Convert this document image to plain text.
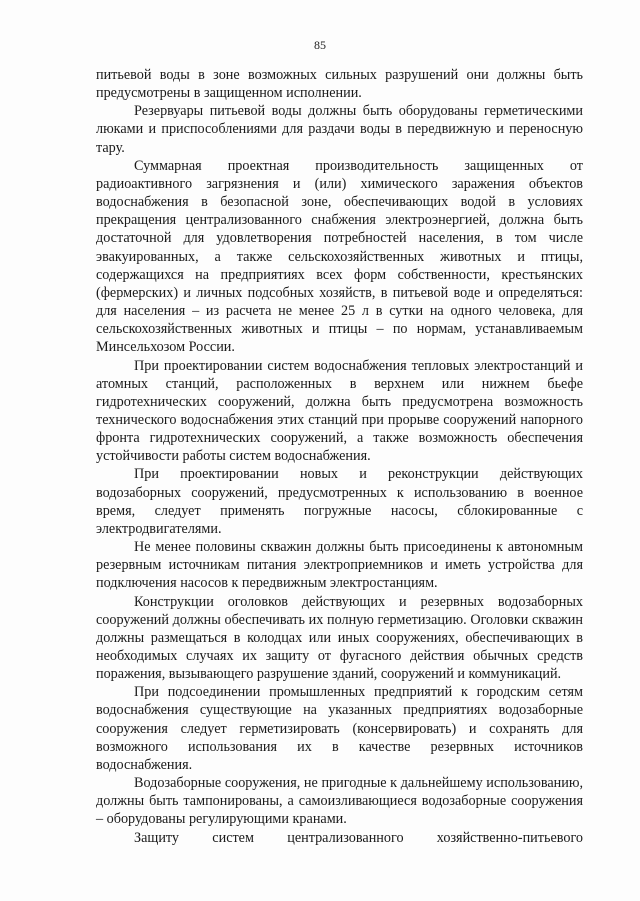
85

питьевой воды в зоне возможных сильных разрушений они должны быть предусмотрены в защищенном исполнении.

Резервуары питьевой воды должны быть оборудованы герметическими люками и приспособлениями для раздачи воды в передвижную и переносную тару.

Суммарная проектная производительность защищенных от радиоактивного загрязнения и (или) химического заражения объектов водоснабжения в безопасной зоне, обеспечивающих водой в условиях прекращения централизованного снабжения электроэнергией, должна быть достаточной для удовлетворения потребностей населения, в том числе эвакуированных, а также сельскохозяйственных животных и птицы, содержащихся на предприятиях всех форм собственности, крестьянских (фермерских) и личных подсобных хозяйств, в питьевой воде и определяться: для населения – из расчета не менее 25 л в сутки на одного человека, для сельскохозяйственных животных и птицы – по нормам, устанавливаемым Минсельхозом России.

При проектировании систем водоснабжения тепловых электростанций и атомных станций, расположенных в верхнем или нижнем бьефе гидротехнических сооружений, должна быть предусмотрена возможность технического водоснабжения этих станций при прорыве сооружений напорного фронта гидротехнических сооружений, а также возможность обеспечения устойчивости работы систем водоснабжения.

При проектировании новых и реконструкции действующих водозаборных сооружений, предусмотренных к использованию в военное время, следует применять погружные насосы, сблокированные с электродвигателями.

Не менее половины скважин должны быть присоединены к автономным резервным источникам питания электроприемников и иметь устройства для подключения насосов к передвижным электростанциям.

Конструкции оголовков действующих и резервных водозаборных сооружений должны обеспечивать их полную герметизацию. Оголовки скважин должны размещаться в колодцах или иных сооружениях, обеспечивающих в необходимых случаях их защиту от фугасного действия обычных средств поражения, вызывающего разрушение зданий, сооружений и коммуникаций.

При подсоединении промышленных предприятий к городским сетям водоснабжения существующие на указанных предприятиях водозаборные сооружения следует герметизировать (консервировать) и сохранять для возможного использования их в качестве резервных источников водоснабжения.

Водозаборные сооружения, не пригодные к дальнейшему использованию, должны быть тампонированы, а самоизливающиеся водозаборные сооружения – оборудованы регулирующими кранами.

Защиту систем централизованного хозяйственно-питьевого
